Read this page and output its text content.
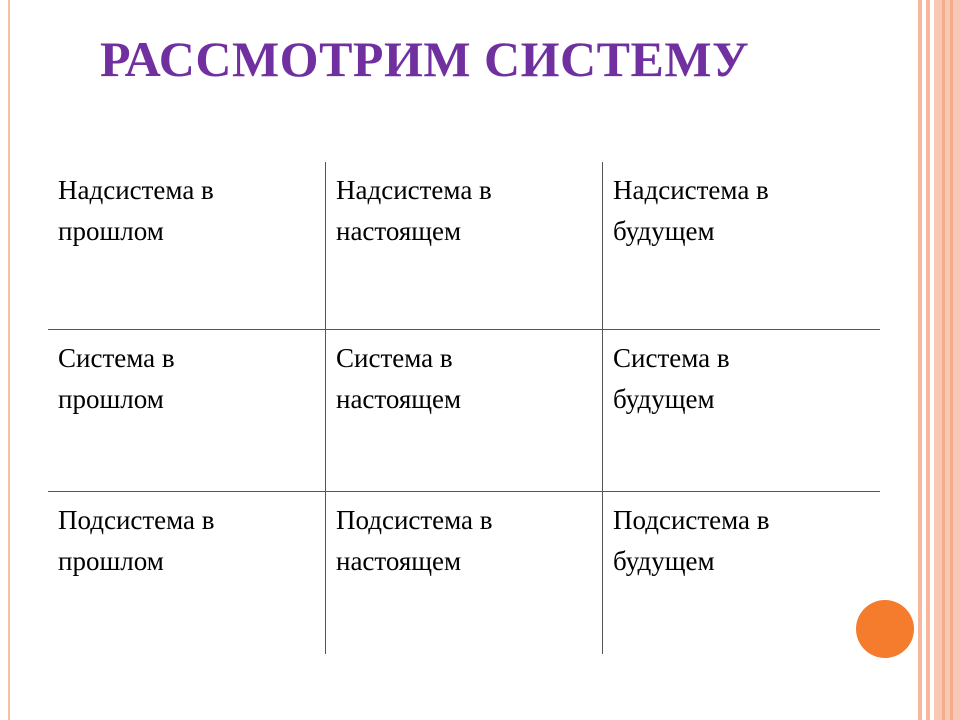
РАССМОТРИМ СИСТЕМУ
Надсистема в
прошлом
Надсистема в
настоящем
Надсистема в
будущем
Система в
прошлом
Система в
настоящем
Система в
будущем
Подсистема в
прошлом
Подсистема в
настоящем
Подсистема в
будущем
